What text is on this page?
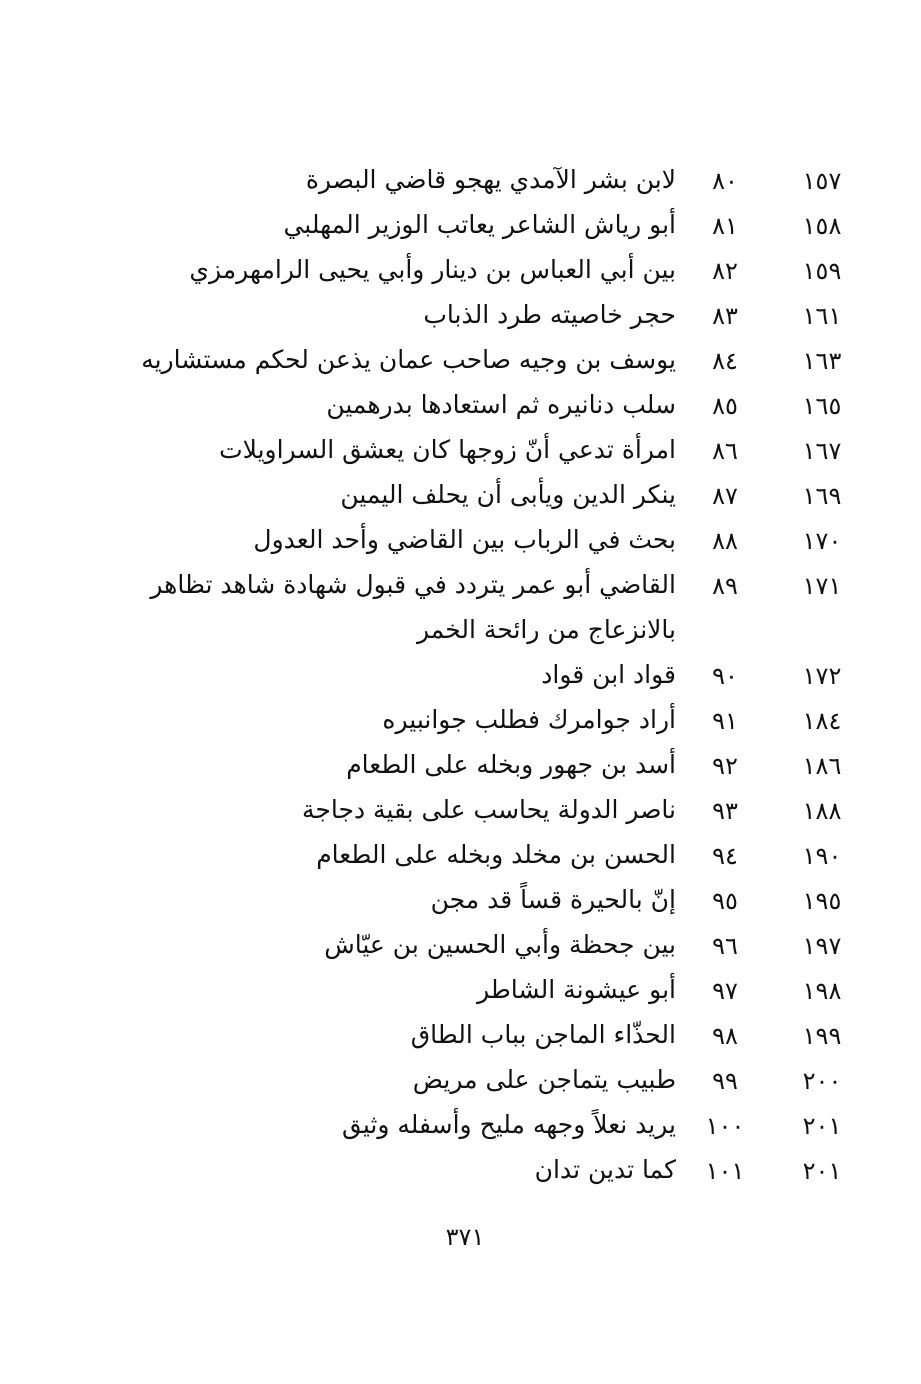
١٥٧
٨٠
لابن بشر الآمدي يهجو قاضي البصرة
١٥٨
٨١
أبو رياش الشاعر يعاتب الوزير المهلبي
١٥٩
٨٢
بين أبي العباس بن دينار وأبي يحيى الرامهرمزي
١٦١
٨٣
حجر خاصيته طرد الذباب
١٦٣
٨٤
يوسف بن وجيه صاحب عمان يذعن لحكم مستشاريه
١٦٥
٨٥
سلب دنانيره ثم استعادها بدرهمين
١٦٧
٨٦
امرأة تدعي أنّ زوجها كان يعشق السراويلات
١٦٩
٨٧
ينكر الدين ويأبى أن يحلف اليمين
١٧٠
٨٨
بحث في الرباب بين القاضي وأحد العدول
١٧١
٨٩
القاضي أبو عمر يتردد في قبول شهادة شاهد تظاهر
بالانزعاج من رائحة الخمر
١٧٢
٩٠
قواد ابن قواد
١٨٤
٩١
أراد جوامرك فطلب جوانبيره
١٨٦
٩٢
أسد بن جهور وبخله على الطعام
١٨٨
٩٣
ناصر الدولة يحاسب على بقية دجاجة
١٩٠
٩٤
الحسن بن مخلد وبخله على الطعام
١٩٥
٩٥
إنّ بالحيرة قساً قد مجن
١٩٧
٩٦
بين جحظة وأبي الحسين بن عيّاش
١٩٨
٩٧
أبو عيشونة الشاطر
١٩٩
٩٨
الحذّاء الماجن بباب الطاق
٢٠٠
٩٩
طبيب يتماجن على مريض
٢٠١
١٠٠
يريد نعلاً وجهه مليح وأسفله وثيق
٢٠١
١٠١
كما تدين تدان
٣٧١
